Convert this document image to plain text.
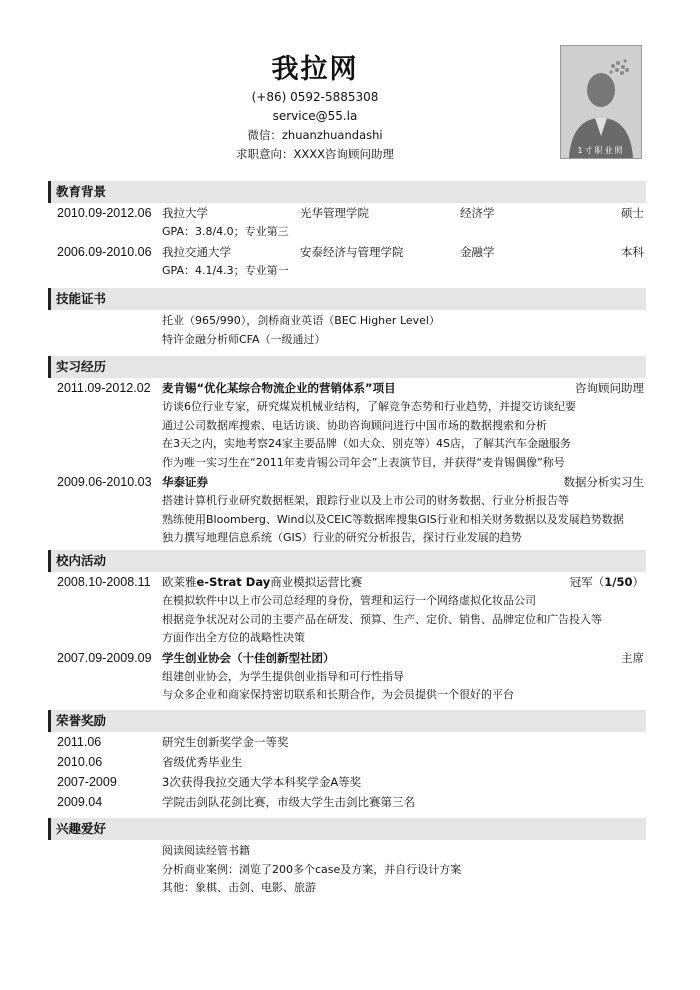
我拉网
(+86) 0592-5885308
service@55.la
微信：zhuanzhuandashi
求职意向：XXXX咨询顾问助理	1寸职业照
教育背景
2010.09-2012.06 我拉大学	光华管理学院	经济学	硕士
GPA：3.8/4.0；专业第三
2006.09-2010.06 我拉交通大学	安泰经济与管理学院	金融学	本科
GPA：4.1/4.3；专业第一
技能证书
托业（965/990），剑桥商业英语（BEC Higher Level）
特许金融分析师CFA（一级通过）
实习经历
2011.09-2012.02 麦肯锡“优化某综合物流企业的营销体系”项目	咨询顾问助理
访谈6位行业专家，研究煤炭机械业结构，了解竞争态势和行业趋势，并提交访谈纪要
通过公司数据库搜索、电话访谈、协助咨询顾问进行中国市场的数据搜索和分析
在3天之内，实地考察24家主要品牌（如大众、别克等）4S店，了解其汽车金融服务
作为唯一实习生在“2011年麦肯锡公司年会”上表演节目，并获得“麦肯锡偶像”称号
2009.06-2010.03 华泰证券	数据分析实习生
搭建计算机行业研究数据框架，跟踪行业以及上市公司的财务数据、行业分析报告等
熟练使用Bloomberg、Wind以及CEIC等数据库搜集GIS行业和相关财务数据以及发展趋势数据
独力撰写地理信息系统（GIS）行业的研究分析报告，探讨行业发展的趋势
校内活动
2008.10-2008.11 欧莱雅e-Strat Day商业模拟运营比赛	冠军（1/50）
在模拟软件中以上市公司总经理的身份，管理和运行一个网络虚拟化妆品公司
根据竞争状况对公司的主要产品在研发、预算、生产、定价、销售、品牌定位和广告投入等
方面作出全方位的战略性决策
2007.09-2009.09 学生创业协会（十佳创新型社团）	主席
组建创业协会，为学生提供创业指导和可行性指导
与众多企业和商家保持密切联系和长期合作，为会员提供一个很好的平台
荣誉奖励
2011.06	研究生创新奖学金一等奖
2010.06	省级优秀毕业生
2007-2009	3次获得我拉交通大学本科奖学金A等奖
2009.04	学院击剑队花剑比赛，市级大学生击剑比赛第三名
兴趣爱好
阅读阅读经管书籍
分析商业案例：浏览了200多个case及方案，并自行设计方案
其他：象棋、击剑、电影、旅游
